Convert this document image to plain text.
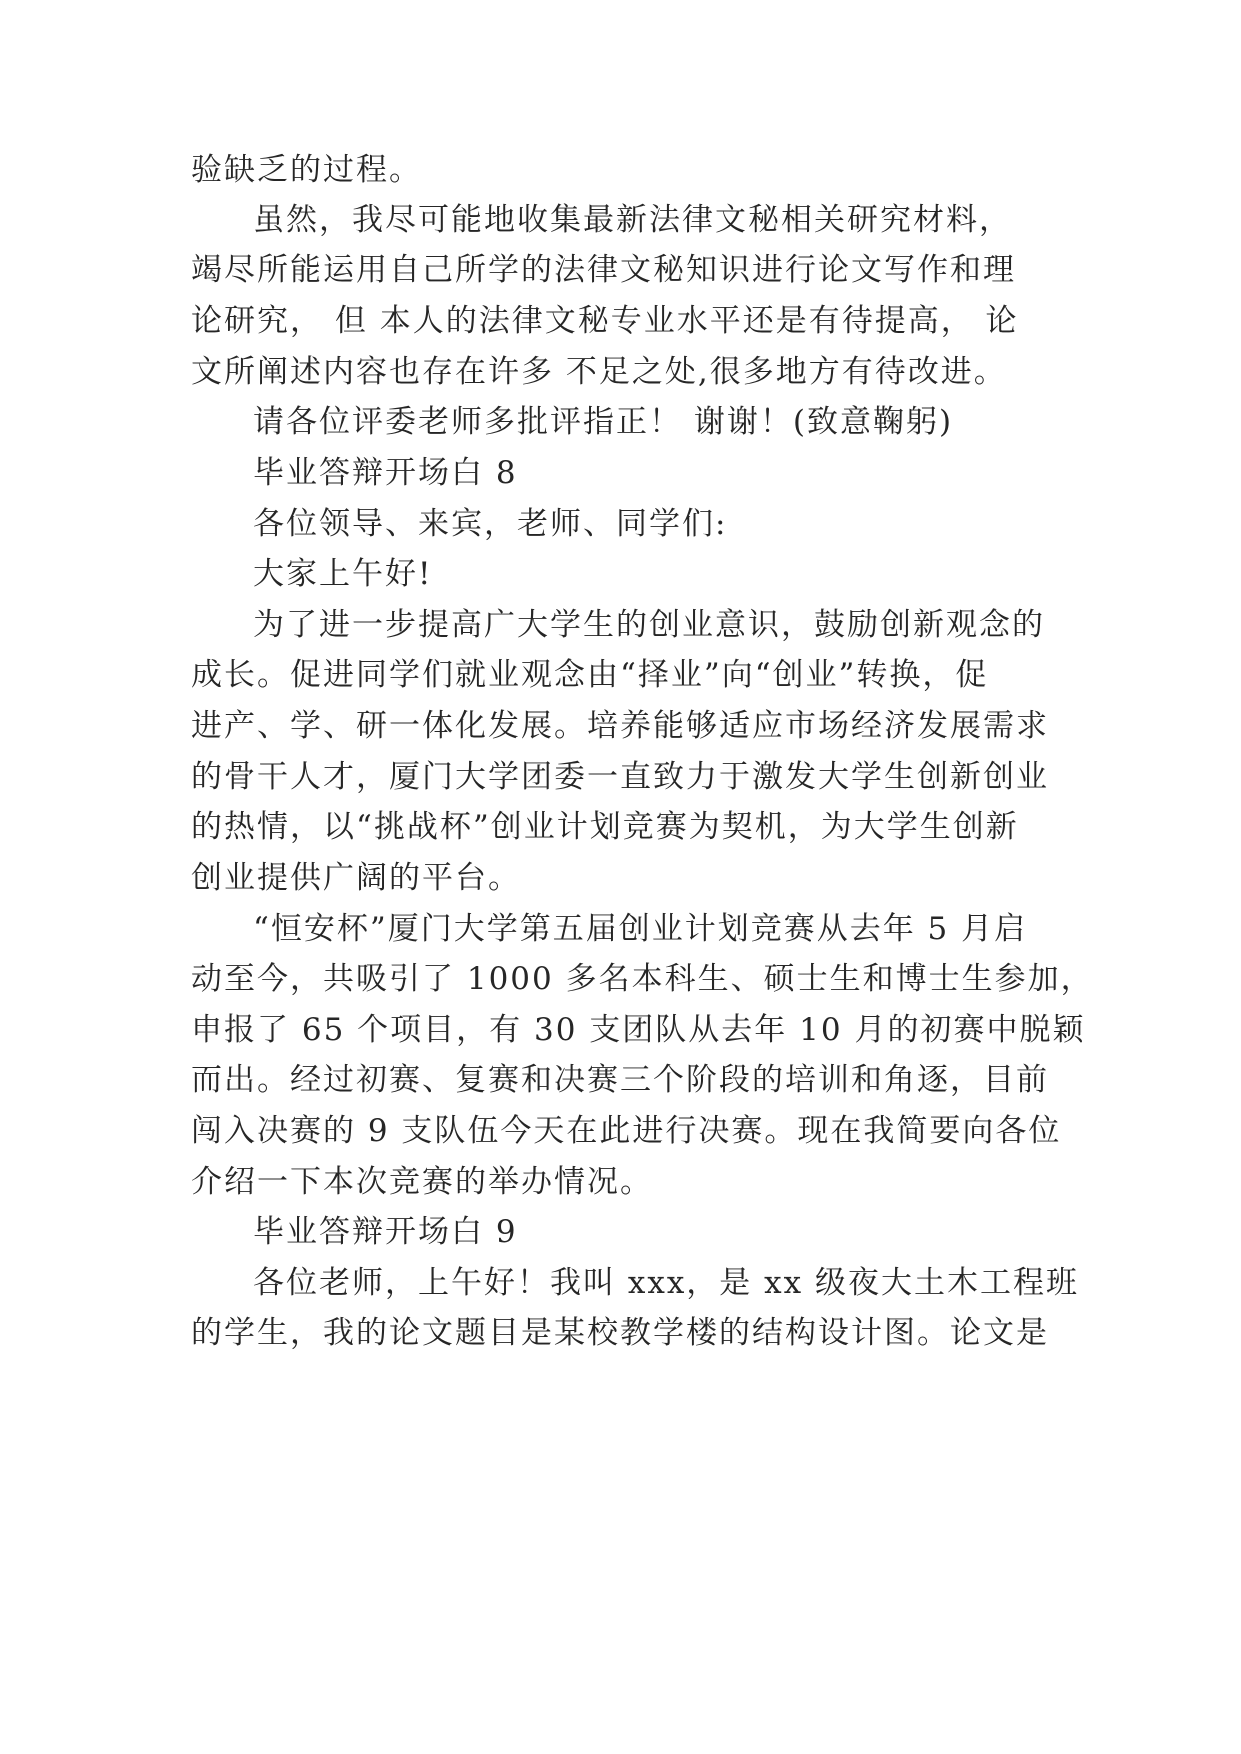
验缺乏的过程。
虽然，我尽可能地收集最新法律文秘相关研究材料，
竭尽所能运用自己所学的法律文秘知识进行论文写作和理
论研究， 但 本人的法律文秘专业水平还是有待提高， 论
文所阐述内容也存在许多 不足之处,很多地方有待改进。
请各位评委老师多批评指正！ 谢谢！(致意鞠躬)
毕业答辩开场白 8
各位领导、来宾，老师、同学们:
大家上午好!
为了进一步提高广大学生的创业意识，鼓励创新观念的
成长。促进同学们就业观念由“择业”向“创业”转换，促
进产、学、研一体化发展。培养能够适应市场经济发展需求
的骨干人才，厦门大学团委一直致力于激发大学生创新创业
的热情，以“挑战杯”创业计划竞赛为契机，为大学生创新
创业提供广阔的平台。
“恒安杯”厦门大学第五届创业计划竞赛从去年 5 月启
动至今，共吸引了 1000 多名本科生、硕士生和博士生参加，
申报了 65 个项目，有 30 支团队从去年 10 月的初赛中脱颖
而出。经过初赛、复赛和决赛三个阶段的培训和角逐，目前
闯入决赛的 9 支队伍今天在此进行决赛。现在我简要向各位
介绍一下本次竞赛的举办情况。
毕业答辩开场白 9
各位老师，上午好！我叫 xxx，是 xx 级夜大土木工程班
的学生，我的论文题目是某校教学楼的结构设计图。论文是
